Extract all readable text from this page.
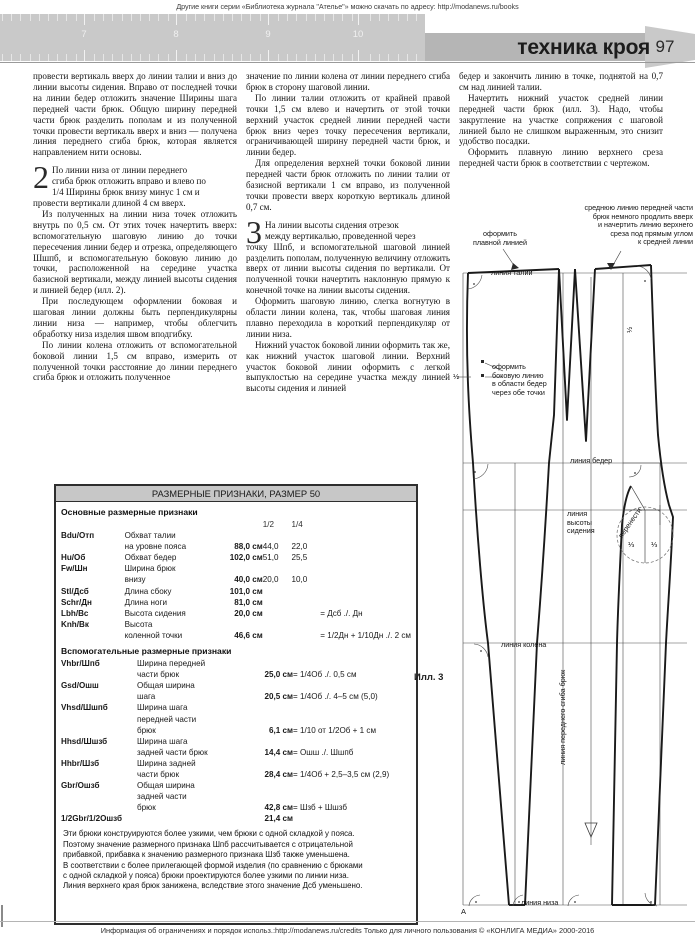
Другие книги серии «Библиотека журнала "Ателье"» можно скачать по адресу: http://modanews.ru/books
7	8	9	10
техника кроя 97

провести вертикаль вверх до линии талии и вниз до линии высоты сидения. Вправо от последней точки на линии бедер отложить значение Ширины шага передней части брюк. Общую ширину передней части брюк разделить пополам и из полученной точки провести вертикаль вверх и вниз — получена линия переднего сгиба брюк, которая является направлением нити основы.

2 По линии низа от линии переднего
сгиба брюк отложить вправо и влево по
1/4 Ширины брюк внизу минус 1 см и
провести вертикали длиной 4 см вверх.

Из полученных на линии низа точек отложить внутрь по 0,5 см. От этих точек начертить вверх: вспомогательную шаговую линию до точки пересечения линии бедер и отрезка, определяющего Шшпб, и вспомогательную боковую линию до точки, расположенной на середине участка базисной вертикали, между линией высоты сидения и линией бедер (илл. 2).

При последующем оформлении боковая и шаговая линии должны быть перпендикулярны линии низа — например, чтобы облегчить обработку низа изделия швом вподгибку.

По линии колена отложить от вспомогательной боковой линии 1,5 см вправо, измерить от полученной точки расстояние до линии переднего сгиба брюк и отложить полученное

значение по линии колена от линии переднего сгиба брюк в сторону шаговой линии.

По линии талии отложить от крайней правой точки 1,5 см влево и начертить от этой точки верхний участок средней линии передней части брюк вниз через точку пересечения вертикали, ограничивающей ширину передней части брюк, и линии бедер.

Для определения верхней точки боковой линии передней части брюк отложить по линии талии от базисной вертикали 1 см вправо, из полученной точки провести вверх короткую вертикаль длиной 0,7 см.

3 На линии высоты сидения отрезок
между вертикалью, проведенной через
точку Шпб, и вспомогательной шаговой линией разделить пополам, полученную величину отложить вверх от линии высоты сидения по вертикали. От полученной точки начертить наклонную прямую к конечной точке на линии высоты сидения.

Оформить шаговую линию, слегка вогнутую в области линии колена, так, чтобы шаговая линия плавно переходила в короткий перпендикуляр от линии низа.

Нижний участок боковой линии оформить так же, как нижний участок шаговой линии. Верхний участок боковой линии оформить с легкой выпуклостью на середине участка между линией высоты сидения и линией

бедер и закончить линию в точке, поднятой на 0,7 см над линией талии.

Начертить нижний участок средней линии передней части брюк (илл. 3). Надо, чтобы закругление на участке сопряжения с шаговой линией было не слишком выраженным, это снизит удобство посадки.

Оформить плавную линию верхнего среза передней части брюк в соответствии с чертежом.

РАЗМЕРНЫЕ ПРИЗНАКИ, РАЗМЕР 50
Основные размерные признаки
			1/2	1/4	
Bdu/Отп	Обхват талии				
	на уровне пояса	88,0 см	44,0	22,0	
Hu/Об	Обхват бедер	102,0 см	51,0	25,5	
Fw/Шн	Ширина брюк				
	внизу	40,0 см	20,0	10,0	
Stl/Дсб	Длина сбоку	101,0 см			
Schr/Дн	Длина ноги	81,0 см			
Lbh/Вс	Высота сидения	20,0 см			= Дсб ./. Дн
Knh/Вк	Высота				
	коленной точки	46,6 см			= 1/2Дн + 1/10Дн ./. 2 см
Вспомогательные размерные признаки
Vhbr/Шпб	Ширина передней		
	части брюк	25,0 см	= 1/4Об ./. 0,5 см
Gsd/Ошш	Общая ширина		
	шага	20,5 см	= 1/4Об ./. 4–5 см (5,0)
Vhsd/Шшпб	Ширина шага		
	передней части		
	брюк	6,1 см	= 1/10 от 1/2Об + 1 см
Hhsd/Шшзб	Ширина шага		
	задней части брюк	14,4 см	= Ошш ./. Шшпб
Hhbr/Шзб	Ширина задней		
	части брюк	28,4 см	= 1/4Об + 2,5–3,5 см (2,9)
Gbr/Ошзб	Общая ширина		
	задней части		
	брюк	42,8 см	= Шзб + Шшзб
1/2Gbr/1/2Ошзб		21,4 см	
Эти брюки конструируются более узкими, чем брюки с одной складкой у пояса.
Поэтому значение размерного признака Шпб рассчитывается с отрицательной
прибавкой, прибавка к значению размерного признака Шзб также уменьшена.
В соответствии с более прилегающей формой изделия (по сравнению с брюками
с одной складкой у пояса) брюки проектируются более узкими по линии низа.
Линия верхнего края брюк занижена, вследствие этого значение Дсб уменьшено.
Илл. 3
среднюю линию передней части
брюк немного продлить вверх
и начертить линию верхнего
среза под прямым углом
к средней линии
оформить
плавной линией
линия талии
линия бедер
оформить
боковую линию
в области бедер
через обе точки
линия
высоты
сидения
линия колена
линия низа
линия переднего сгиба брюк
перенести
⅓ ⅓
½
½
A
Информация об ограничениях и порядок использ.:http://modanews.ru/credits Только для личного пользования © «КОНЛИГА МЕДИА» 2000-2016
